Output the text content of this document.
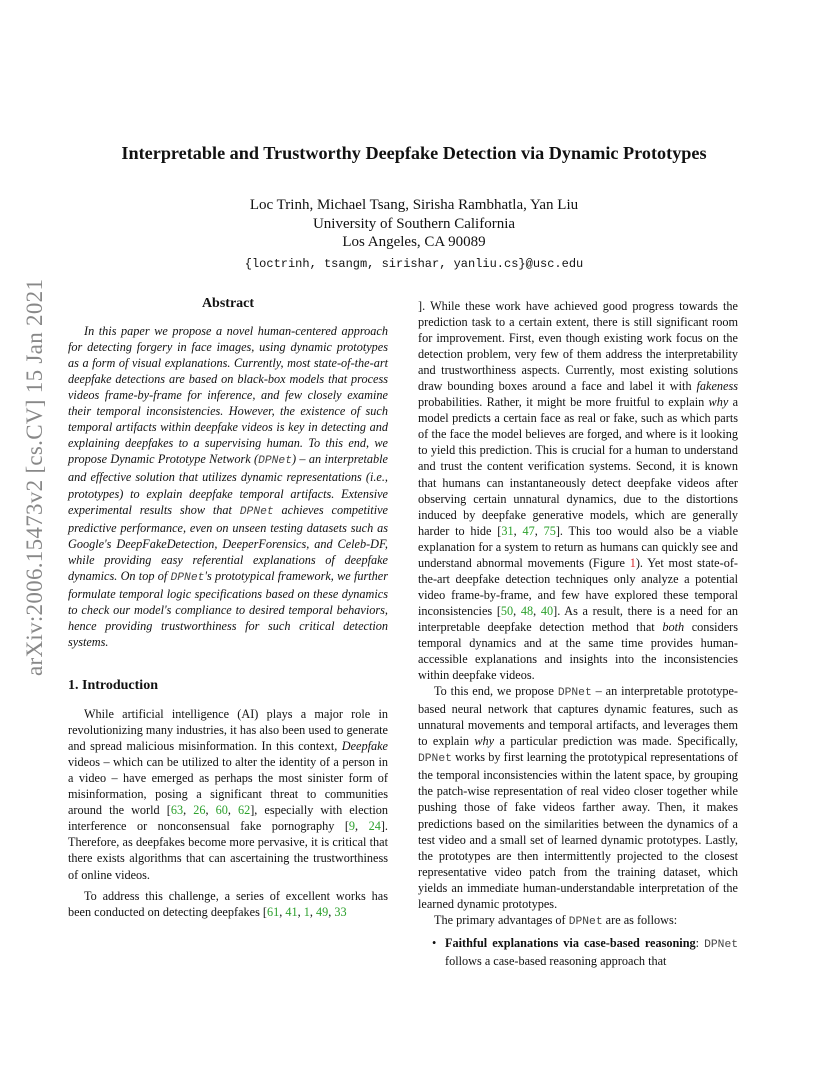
arXiv:2006.15473v2 [cs.CV] 15 Jan 2021
Interpretable and Trustworthy Deepfake Detection via Dynamic Prototypes
Loc Trinh, Michael Tsang, Sirisha Rambhatla, Yan Liu
University of Southern California
Los Angeles, CA 90089
{loctrinh, tsangm, sirishar, yanliu.cs}@usc.edu
Abstract

In this paper we propose a novel human-centered approach for detecting forgery in face images, using dynamic prototypes as a form of visual explanations. Currently, most state-of-the-art deepfake detections are based on black-box models that process videos frame-by-frame for inference, and few closely examine their temporal inconsistencies. However, the existence of such temporal artifacts within deepfake videos is key in detecting and explaining deepfakes to a supervising human. To this end, we propose Dynamic Prototype Network (DPNet) – an interpretable and effective solution that utilizes dynamic representations (i.e., prototypes) to explain deepfake temporal artifacts. Extensive experimental results show that DPNet achieves competitive predictive performance, even on unseen testing datasets such as Google's DeepFakeDetection, DeeperForensics, and Celeb-DF, while providing easy referential explanations of deepfake dynamics. On top of DPNet's prototypical framework, we further formulate temporal logic specifications based on these dynamics to check our model's compliance to desired temporal behaviors, hence providing trustworthiness for such critical detection systems.

1. Introduction

While artificial intelligence (AI) plays a major role in revolutionizing many industries, it has also been used to generate and spread malicious misinformation. In this context, Deepfake videos – which can be utilized to alter the identity of a person in a video – have emerged as perhaps the most sinister form of misinformation, posing a significant threat to communities around the world [63, 26, 60, 62], especially with election interference or nonconsensual fake pornography [9, 24]. Therefore, as deepfakes become more pervasive, it is critical that there exists algorithms that can ascertaining the trustworthiness of online videos.

To address this challenge, a series of excellent works has been conducted on detecting deepfakes [61, 41, 1, 49, 33

]. While these work have achieved good progress towards the prediction task to a certain extent, there is still significant room for improvement. First, even though existing work focus on the detection problem, very few of them address the interpretability and trustworthiness aspects. Currently, most existing solutions draw bounding boxes around a face and label it with fakeness probabilities. Rather, it might be more fruitful to explain why a model predicts a certain face as real or fake, such as which parts of the face the model believes are forged, and where is it looking to yield this prediction. This is crucial for a human to understand and trust the content verification systems. Second, it is known that humans can instantaneously detect deepfake videos after observing certain unnatural dynamics, due to the distortions induced by deepfake generative models, which are generally harder to hide [31, 47, 75]. This too would also be a viable explanation for a system to return as humans can quickly see and understand abnormal movements (Figure 1). Yet most state-of-the-art deepfake detection techniques only analyze a potential video frame-by-frame, and few have explored these temporal inconsistencies [50, 48, 40]. As a result, there is a need for an interpretable deepfake detection method that both considers temporal dynamics and at the same time provides human-accessible explanations and insights into the inconsistencies within deepfake videos.

To this end, we propose DPNet – an interpretable prototype-based neural network that captures dynamic features, such as unnatural movements and temporal artifacts, and leverages them to explain why a particular prediction was made. Specifically, DPNet works by first learning the prototypical representations of the temporal inconsistencies within the latent space, by grouping the patch-wise representation of real video closer together while pushing those of fake videos farther away. Then, it makes predictions based on the similarities between the dynamics of a test video and a small set of learned dynamic prototypes. Lastly, the prototypes are then intermittently projected to the closest representative video patch from the training dataset, which yields an immediate human-understandable interpretation of the learned dynamic prototypes.

The primary advantages of DPNet are as follows:

• Faithful explanations via case-based reasoning: DPNet follows a case-based reasoning approach that
